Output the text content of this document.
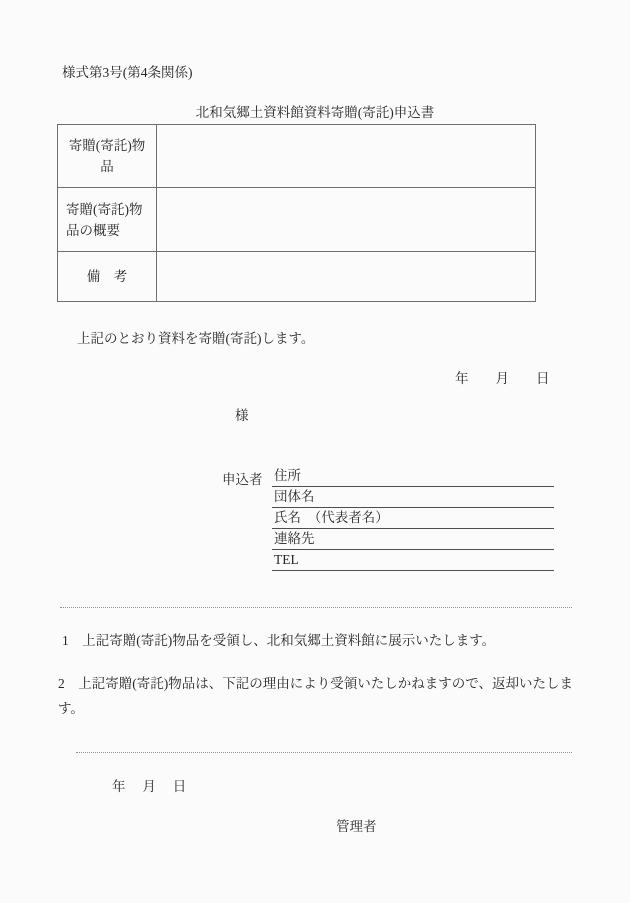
様式第3号(第4条関係)
北和気郷土資料館資料寄贈(寄託)申込書
寄贈(寄託)物品	
寄贈(寄託)物品の概要	
備　考	
上記のとおり資料を寄贈(寄託)します。
年　　月　　日
様
申込者 住所
団体名
氏名　（代表者名）
連絡先
TEL
1　上記寄贈(寄託)物品を受領し、北和気郷土資料館に展示いたします。
2　上記寄贈(寄託)物品は、下記の理由により受領いたしかねますので、返却いたします。
年　 月　 日
管理者
